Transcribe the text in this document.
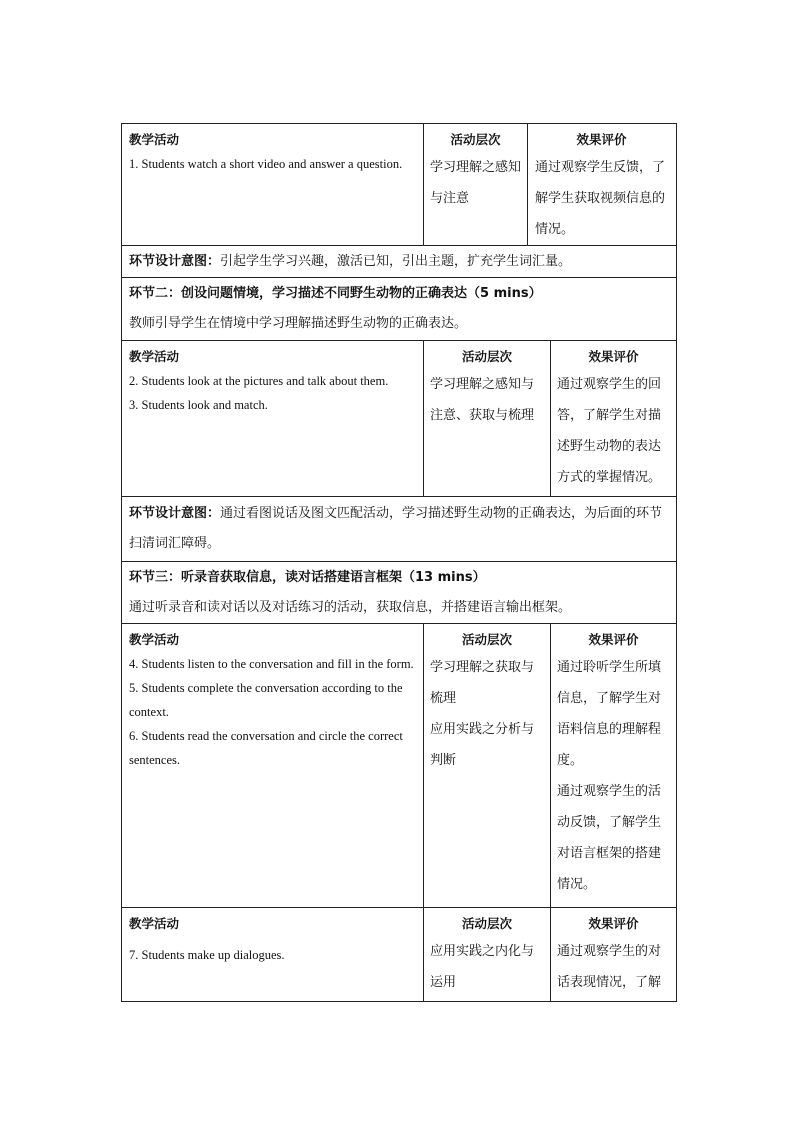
教学活动
1. Students watch a short video and answer a question.
活动层次
学习理解之感知与注意
效果评价
通过观察学生反馈，了解学生获取视频信息的情况。
环节设计意图：引起学生学习兴趣，激活已知，引出主题，扩充学生词汇量。
环节二：创设问题情境，学习描述不同野生动物的正确表达（5 mins）
教师引导学生在情境中学习理解描述野生动物的正确表达。
教学活动
2. Students look at the pictures and talk about them.
3. Students look and match.
活动层次
学习理解之感知与注意、获取与梳理
效果评价
通过观察学生的回答，了解学生对描述野生动物的表达方式的掌握情况。
环节设计意图：通过看图说话及图文匹配活动，学习描述野生动物的正确表达，为后面的环节扫清词汇障碍。
环节三：听录音获取信息，读对话搭建语言框架（13 mins）
通过听录音和读对话以及对话练习的活动，获取信息，并搭建语言输出框架。
教学活动
4. Students listen to the conversation and fill in the form.
5. Students complete the conversation according to the context.
6. Students read the conversation and circle the correct sentences.
活动层次
学习理解之获取与梳理
应用实践之分析与判断
效果评价
通过聆听学生所填信息，了解学生对语料信息的理解程度。
通过观察学生的活动反馈，了解学生对语言框架的搭建情况。
教学活动
7. Students make up dialogues.
活动层次
应用实践之内化与运用
效果评价
通过观察学生的对话表现情况，了解
